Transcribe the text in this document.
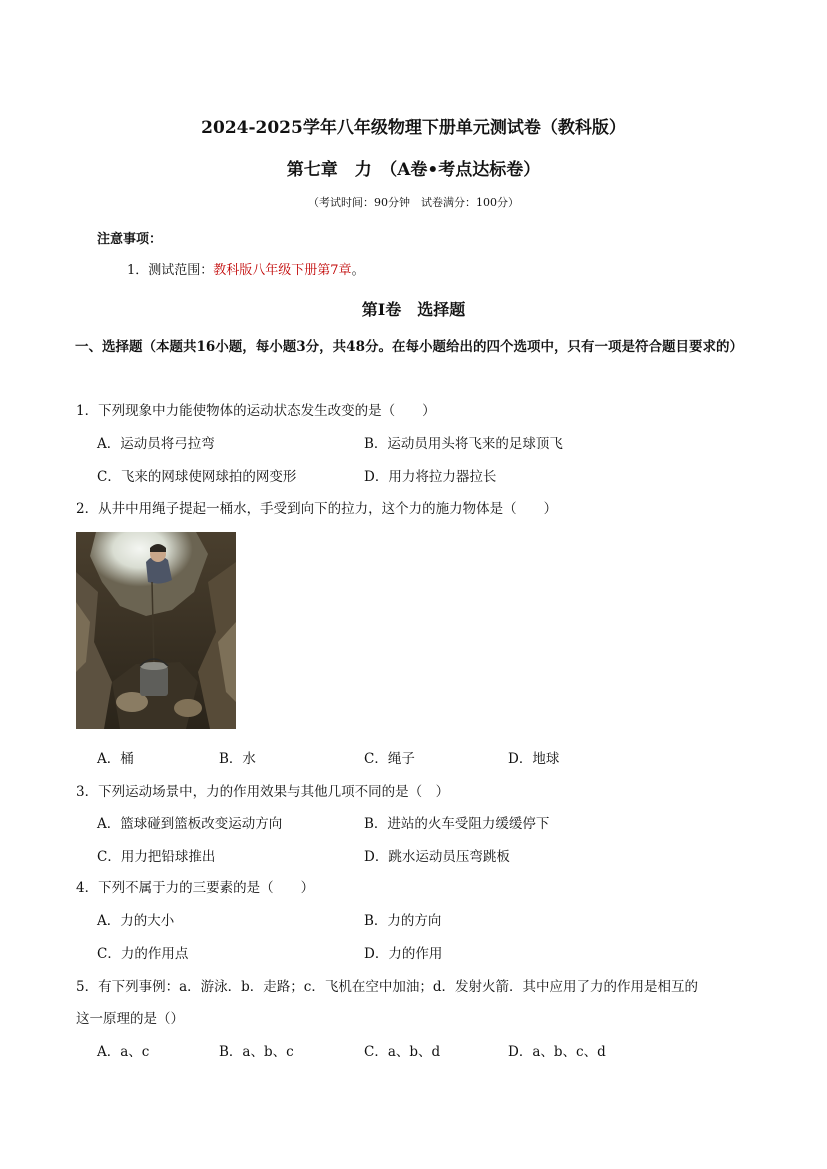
2024-2025学年八年级物理下册单元测试卷（教科版）
第七章　力　（A卷•考点达标卷）
（考试时间：90分钟　试卷满分：100分）
注意事项：
1．测试范围：教科版八年级下册第7章。
第Ⅰ卷　选择题
一、选择题（本题共16小题，每小题3分，共48分。在每小题给出的四个选项中，只有一项是符合题目要求的）
1．下列现象中力能使物体的运动状态发生改变的是（　　）
A．运动员将弓拉弯	B．运动员用头将飞来的足球顶飞
C．飞来的网球使网球拍的网变形	D．用力将拉力器拉长
2．从井中用绳子提起一桶水，手受到向下的拉力，这个力的施力物体是（　　）
A．桶	B．水	C．绳子	D．地球
3．下列运动场景中，力的作用效果与其他几项不同的是（　）
A．篮球碰到篮板改变运动方向	B．进站的火车受阻力缓缓停下
C．用力把铅球推出	D．跳水运动员压弯跳板
4．下列不属于力的三要素的是（　　）
A．力的大小	B．力的方向
C．力的作用点	D．力的作用
5．有下列事例：a．游泳．b．走路；c．飞机在空中加油；d．发射火箭．其中应用了力的作用是相互的
这一原理的是（）
A．a、c	B．a、b、c	C．a、b、d	D．a、b、c、d
